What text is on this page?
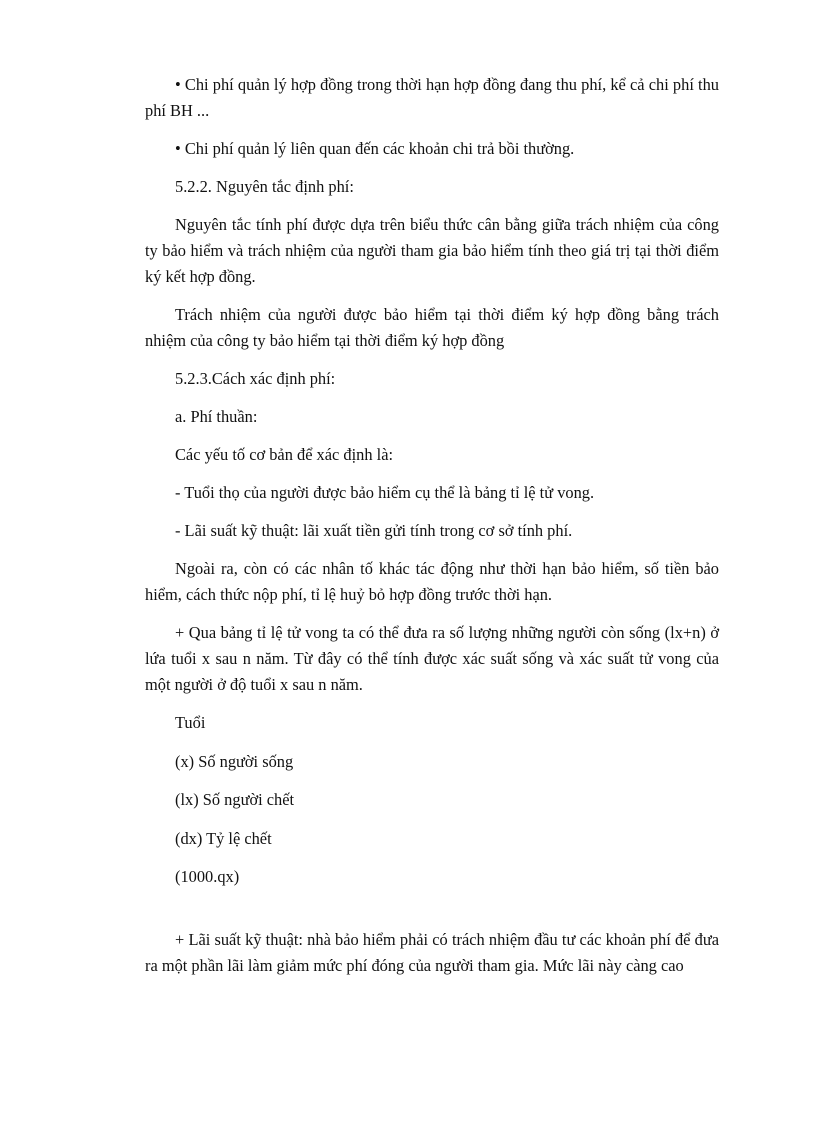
• Chi phí quản lý hợp đồng trong thời hạn hợp đồng đang thu phí, kể cả chi phí thu phí BH ...

• Chi phí quản lý liên quan đến các khoản chi trả bồi thường.

5.2.2. Nguyên tắc định phí:

Nguyên tắc tính phí được dựa trên biểu thức cân bằng giữa trách nhiệm của công ty bảo hiểm và trách nhiệm của người tham gia bảo hiểm tính theo giá trị tại thời điểm ký kết hợp đồng.

Trách nhiệm của người được bảo hiểm tại thời điểm ký hợp đồng bằng trách nhiệm của công ty bảo hiểm tại thời điểm ký hợp đồng

5.2.3.Cách xác định phí:

a. Phí thuần:

Các yếu tố cơ bản để xác định là:

- Tuổi thọ của người được bảo hiểm cụ thể là bảng tỉ lệ tử vong.

- Lãi suất kỹ thuật: lãi xuất tiền gửi tính trong cơ sở tính phí.

Ngoài ra, còn có các nhân tố khác tác động như thời hạn bảo hiểm, số tiền bảo hiểm, cách thức nộp phí, tỉ lệ huỷ bỏ hợp đồng trước thời hạn.

+ Qua bảng tỉ lệ tử vong ta có thể đưa ra số lượng những người còn sống (lx+n) ở lứa tuổi x sau n năm. Từ đây có thể tính được xác suất sống và xác suất tử vong của một người ở độ tuổi x sau n năm.

Tuổi

(x) Số người sống

(lx) Số người chết

(dx) Tỷ lệ chết

(1000.qx)

+ Lãi suất kỹ thuật: nhà bảo hiểm phải có trách nhiệm đầu tư các khoản phí để đưa ra một phần lãi làm giảm mức phí đóng của người tham gia. Mức lãi này càng cao
